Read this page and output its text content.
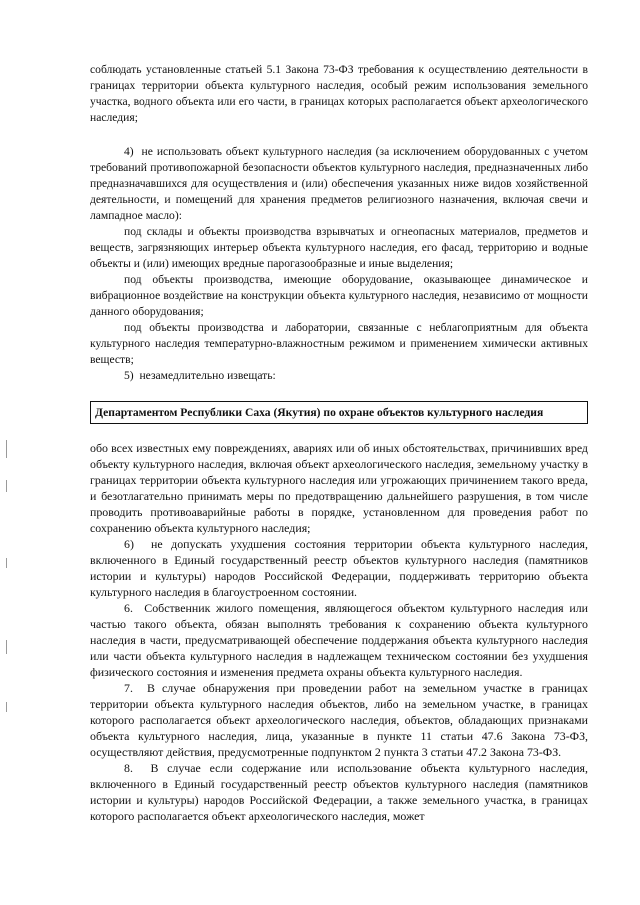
соблюдать установленные статьей 5.1 Закона 73-ФЗ требования к осуществлению деятельности в границах территории объекта культурного наследия, особый режим использования земельного участка, водного объекта или его части, в границах которых располагается объект археологического наследия;

4)  не использовать объект культурного наследия (за исключением оборудованных с учетом требований противопожарной безопасности объектов культурного наследия, предназначенных либо предназначавшихся для осуществления и (или) обеспечения указанных ниже видов хозяйственной деятельности, и помещений для хранения предметов религиозного назначения, включая свечи и лампадное масло):

под склады и объекты производства взрывчатых и огнеопасных материалов, предметов и веществ, загрязняющих интерьер объекта культурного наследия, его фасад, территорию и водные объекты и (или) имеющих вредные парогазообразные и иные выделения;

под объекты производства, имеющие оборудование, оказывающее динамическое и вибрационное воздействие на конструкции объекта культурного наследия, независимо от мощности данного оборудования;

под объекты производства и лаборатории, связанные с неблагоприятным для объекта культурного наследия температурно-влажностным режимом и применением химически активных веществ;

5)  незамедлительно извещать:

Департаментом Республики Саха (Якутия) по охране объектов культурного наследия

обо всех известных ему повреждениях, авариях или об иных обстоятельствах, причинивших вред объекту культурного наследия, включая объект археологического наследия, земельному участку в границах территории объекта культурного наследия или угрожающих причинением такого вреда, и безотлагательно принимать меры по предотвращению дальнейшего разрушения, в том числе проводить противоаварийные работы в порядке, установленном для проведения работ по сохранению объекта культурного наследия;

6)  не допускать ухудшения состояния территории объекта культурного наследия, включенного в Единый государственный реестр объектов культурного наследия (памятников истории и культуры) народов Российской Федерации, поддерживать территорию объекта культурного наследия в благоустроенном состоянии.

6.  Собственник жилого помещения, являющегося объектом культурного наследия или частью такого объекта, обязан выполнять требования к сохранению объекта культурного наследия в части, предусматривающей обеспечение поддержания объекта культурного наследия или части объекта культурного наследия в надлежащем техническом состоянии без ухудшения физического состояния и изменения предмета охраны объекта культурного наследия.

7.  В случае обнаружения при проведении работ на земельном участке в границах территории объекта культурного наследия объектов, либо на земельном участке, в границах которого располагается объект археологического наследия, объектов, обладающих признаками объекта культурного наследия, лица, указанные в пункте 11 статьи 47.6 Закона 73-ФЗ, осуществляют действия, предусмотренные подпунктом 2 пункта 3 статьи 47.2 Закона 73-ФЗ.

8.  В случае если содержание или использование объекта культурного наследия, включенного в Единый государственный реестр объектов культурного наследия (памятников истории и культуры) народов Российской Федерации, а также земельного участка, в границах которого располагается объект археологического наследия, может
